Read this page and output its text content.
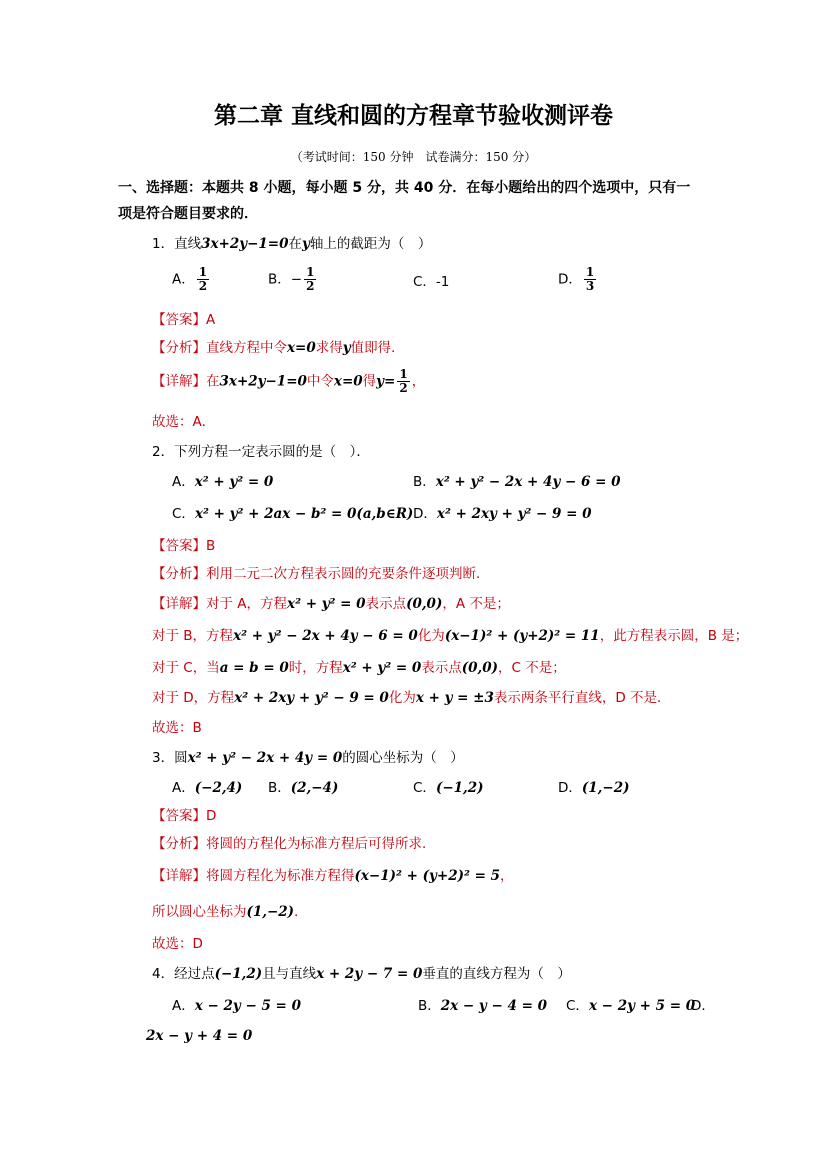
第二章 直线和圆的方程章节验收测评卷
（考试时间：150 分钟　试卷满分：150 分）
一、选择题：本题共 8 小题，每小题 5 分，共 40 分．在每小题给出的四个选项中，只有一
项是符合题目要求的．
1．直线3x+2y−1=0在y轴上的截距为（　）
A． $\frac{1}{2}$	B．− $\frac{1}{2}$	C．-1	D． $\frac{1}{3}$
【答案】A
【分析】直线方程中令x=0求得y值即得．
【详解】在3x+2y−1=0中令x=0得$y= \frac{1}{2}$ ，
故选：A．
2．下列方程一定表示圆的是（　）．
A．x² + y² = 0	B．x² + y² − 2x + 4y − 6 = 0
C．x² + y² + 2ax − b² = 0(a,b∈R) D．x² + 2xy + y² − 9 = 0
【答案】B
【分析】利用二元二次方程表示圆的充要条件逐项判断．
【详解】对于 A，方程x² + y² = 0表示点(0,0)，A 不是；
对于 B，方程x² + y² − 2x + 4y − 6 = 0化为(x−1)² + (y+2)² = 11，此方程表示圆，B 是；
对于 C，当a = b = 0时，方程x² + y² = 0表示点(0,0)，C 不是；
对于 D，方程x² + 2xy + y² − 9 = 0化为x + y = ±3表示两条平行直线，D 不是．
故选：B
3．圆x² + y² − 2x + 4y = 0的圆心坐标为（　）
A．(−2,4) B．(2,−4)	C．(−1,2)	D．(1,−2)
【答案】D
【分析】将圆的方程化为标准方程后可得所求．
【详解】将圆方程化为标准方程得(x−1)² + (y+2)² = 5，
所以圆心坐标为(1,−2)．
故选：D
4．经过点(−1,2)且与直线x + 2y − 7 = 0垂直的直线方程为（　）
A．x − 2y − 5 = 0	B．2x − y − 4 = 0 C．x − 2y + 5 = 0
D．
2x − y + 4 = 0
